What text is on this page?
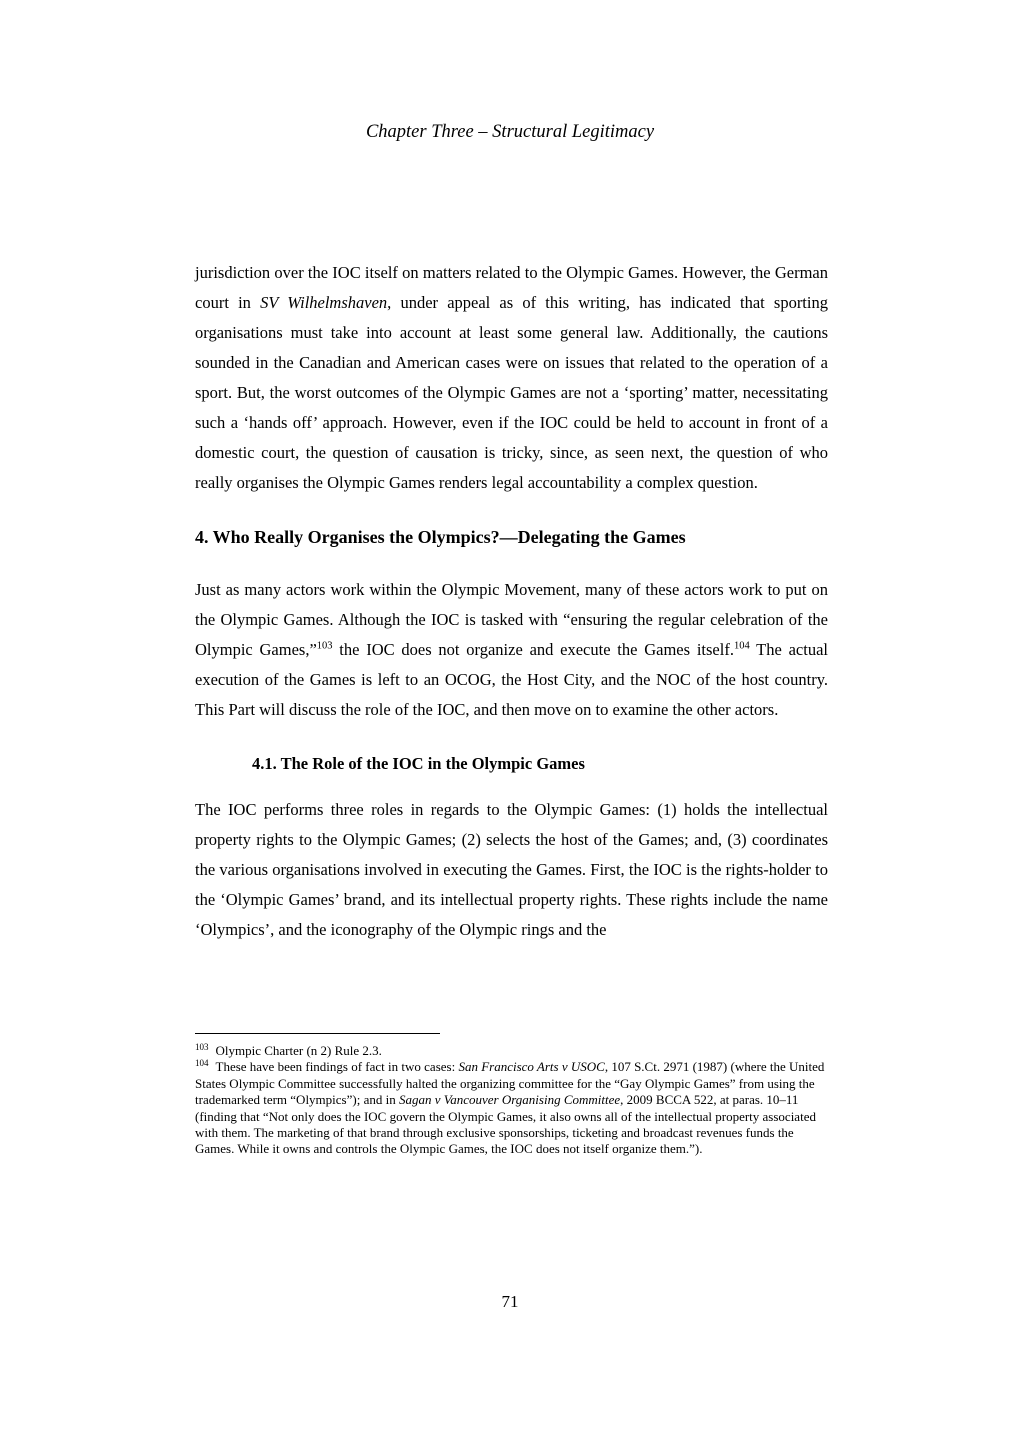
Chapter Three – Structural Legitimacy

jurisdiction over the IOC itself on matters related to the Olympic Games. However, the German court in SV Wilhelmshaven, under appeal as of this writing, has indicated that sporting organisations must take into account at least some general law. Additionally, the cautions sounded in the Canadian and American cases were on issues that related to the operation of a sport. But, the worst outcomes of the Olympic Games are not a ‘sporting’ matter, necessitating such a ‘hands off’ approach. However, even if the IOC could be held to account in front of a domestic court, the question of causation is tricky, since, as seen next, the question of who really organises the Olympic Games renders legal accountability a complex question.

4. Who Really Organises the Olympics?—Delegating the Games

Just as many actors work within the Olympic Movement, many of these actors work to put on the Olympic Games. Although the IOC is tasked with “ensuring the regular celebration of the Olympic Games,”$^{103}$ the IOC does not organize and execute the Games itself.$^{104}$ The actual execution of the Games is left to an OCOG, the Host City, and the NOC of the host country. This Part will discuss the role of the IOC, and then move on to examine the other actors.

4.1. The Role of the IOC in the Olympic Games

The IOC performs three roles in regards to the Olympic Games: (1) holds the intellectual property rights to the Olympic Games; (2) selects the host of the Games; and, (3) coordinates the various organisations involved in executing the Games. First, the IOC is the rights-holder to the ‘Olympic Games’ brand, and its intellectual property rights. These rights include the name ‘Olympics’, and the iconography of the Olympic rings and the

$^{103}$ Olympic Charter (n 2) Rule 2.3.
$^{104}$ These have been findings of fact in two cases: San Francisco Arts v USOC, 107 S.Ct. 2971 (1987) (where the United States Olympic Committee successfully halted the organizing committee for the “Gay Olympic Games” from using the trademarked term “Olympics”); and in Sagan v Vancouver Organising Committee, 2009 BCCA 522, at paras. 10–11 (finding that “Not only does the IOC govern the Olympic Games, it also owns all of the intellectual property associated with them. The marketing of that brand through exclusive sponsorships, ticketing and broadcast revenues funds the Games. While it owns and controls the Olympic Games, the IOC does not itself organize them.”).
71
